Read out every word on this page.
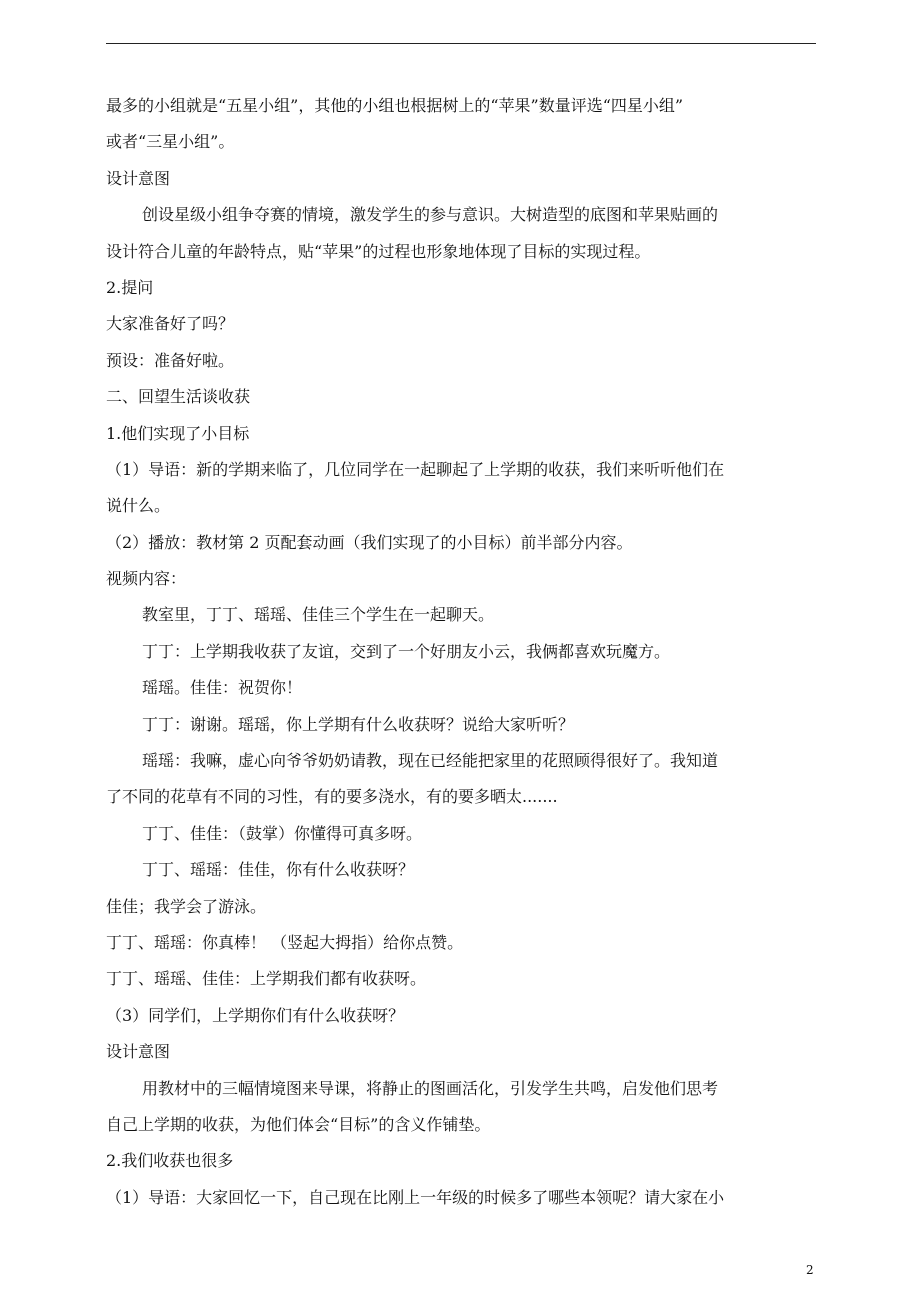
最多的小组就是“五星小组”，其他的小组也根据树上的“苹果”数量评选“四星小组”
或者“三星小组”。
设计意图
创设星级小组争夺赛的情境，激发学生的参与意识。大树造型的底图和苹果贴画的
设计符合儿童的年龄特点，贴“苹果”的过程也形象地体现了目标的实现过程。
2.提问
大家准备好了吗？
预设：准备好啦。
二、回望生活谈收获
1.他们实现了小目标
（1）导语：新的学期来临了，几位同学在一起聊起了上学期的收获，我们来听听他们在
说什么。
（2）播放：教材第 2 页配套动画（我们实现了的小目标）前半部分内容。
视频内容：
教室里，丁丁、瑶瑶、佳佳三个学生在一起聊天。
丁丁：上学期我收获了友谊，交到了一个好朋友小云，我俩都喜欢玩魔方。
瑶瑶。佳佳：祝贺你！
丁丁：谢谢。瑶瑶，你上学期有什么收获呀？说给大家听听？
瑶瑶：我嘛，虚心向爷爷奶奶请教，现在已经能把家里的花照顾得很好了。我知道
了不同的花草有不同的习性，有的要多浇水，有的要多晒太.......
丁丁、佳佳：（鼓掌）你懂得可真多呀。
丁丁、瑶瑶：佳佳，你有什么收获呀？
佳佳；我学会了游泳。
丁丁、瑶瑶：你真棒！ （竖起大拇指）给你点赞。
丁丁、瑶瑶、佳佳：上学期我们都有收获呀。
（3）同学们，上学期你们有什么收获呀？
设计意图
用教材中的三幅情境图来导课，将静止的图画活化，引发学生共鸣，启发他们思考
自己上学期的收获，为他们体会“目标”的含义作铺垫。
2.我们收获也很多
（1）导语：大家回忆一下，自己现在比刚上一年级的时候多了哪些本领呢？请大家在小
2
